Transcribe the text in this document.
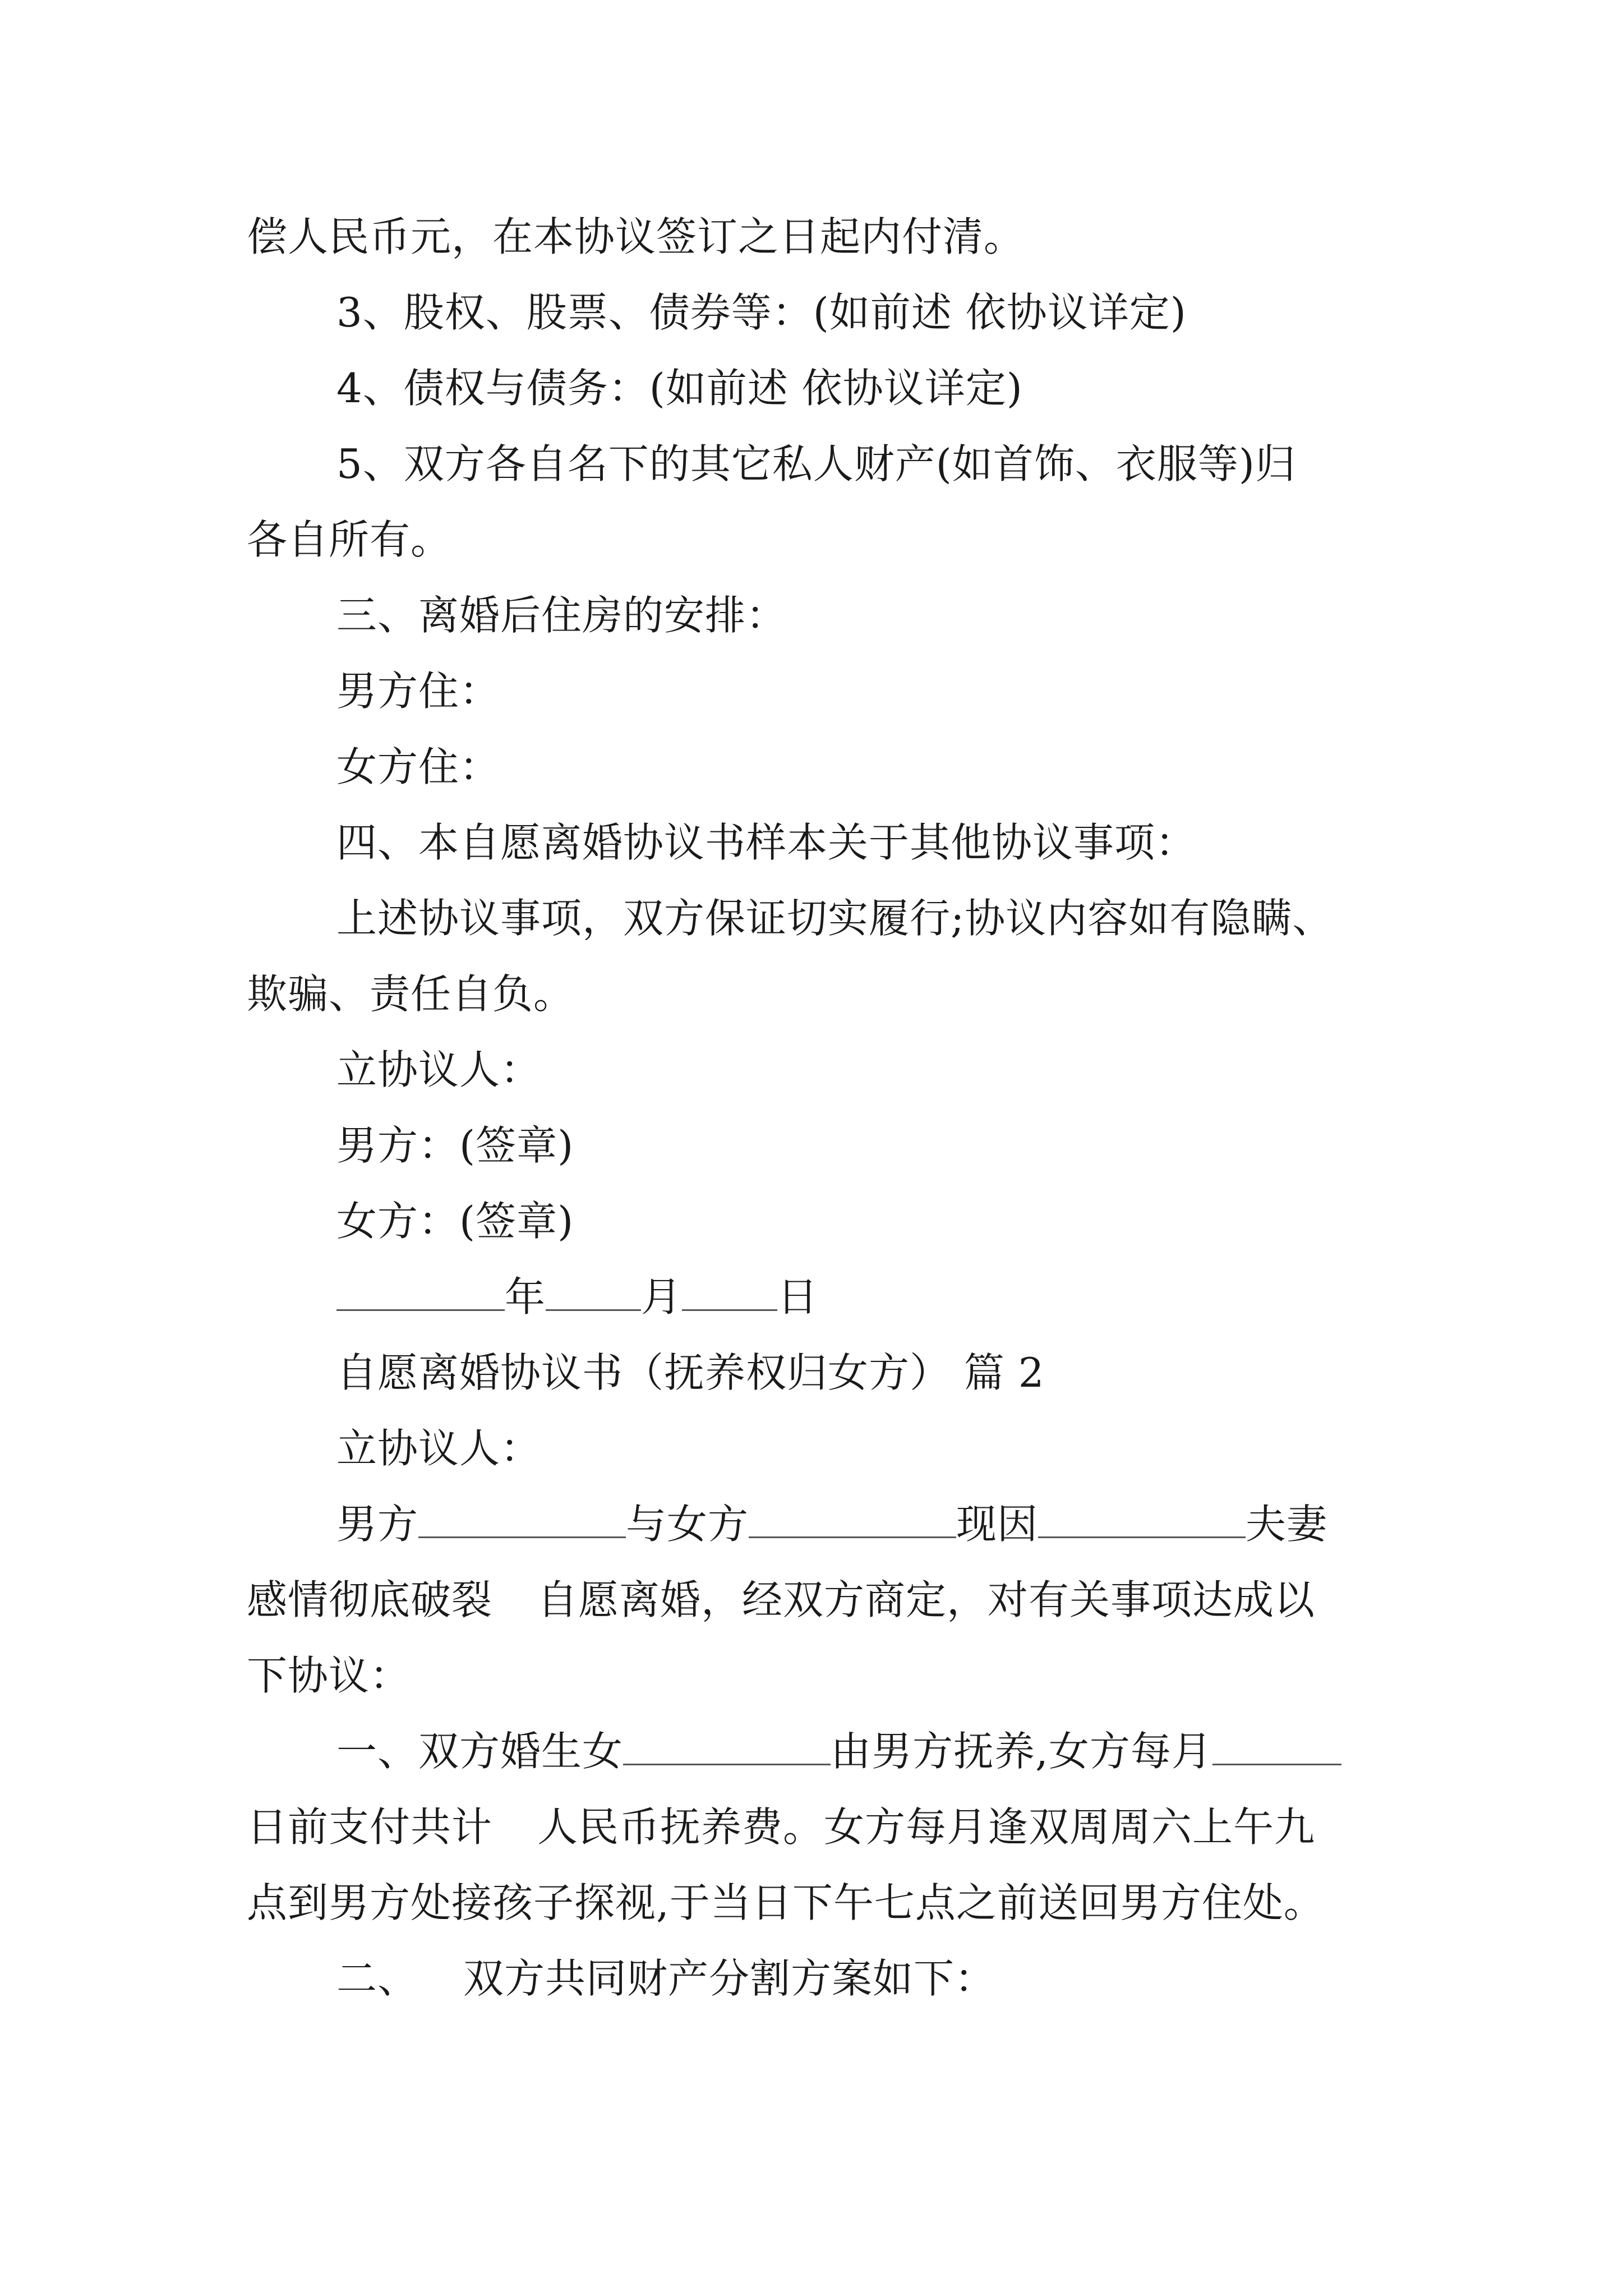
偿人民币元，在本协议签订之日起内付清。
3、股权、股票、债券等：(如前述 依协议详定)
4、债权与债务：(如前述 依协议详定)
5、双方各自名下的其它私人财产(如首饰、衣服等)归
各自所有。
三、离婚后住房的安排：
男方住：
女方住：
四、本自愿离婚协议书样本关于其他协议事项：
上述协议事项，双方保证切实履行;协议内容如有隐瞒、
欺骗、责任自负。
立协议人：
男方：(签章)
女方：(签章)
年 月 日
自愿离婚协议书（抚养权归女方） 篇 2
立协议人：
男方	与女方	现因	夫妻
感情彻底破裂 自愿离婚，经双方商定，对有关事项达成以
下协议：
一、双方婚生女	由男方抚养,女方每月
日前支付共计 人民币抚养费。女方每月逢双周周六上午九
点到男方处接孩子探视,于当日下午七点之前送回男方住处。
二、 双方共同财产分割方案如下：
